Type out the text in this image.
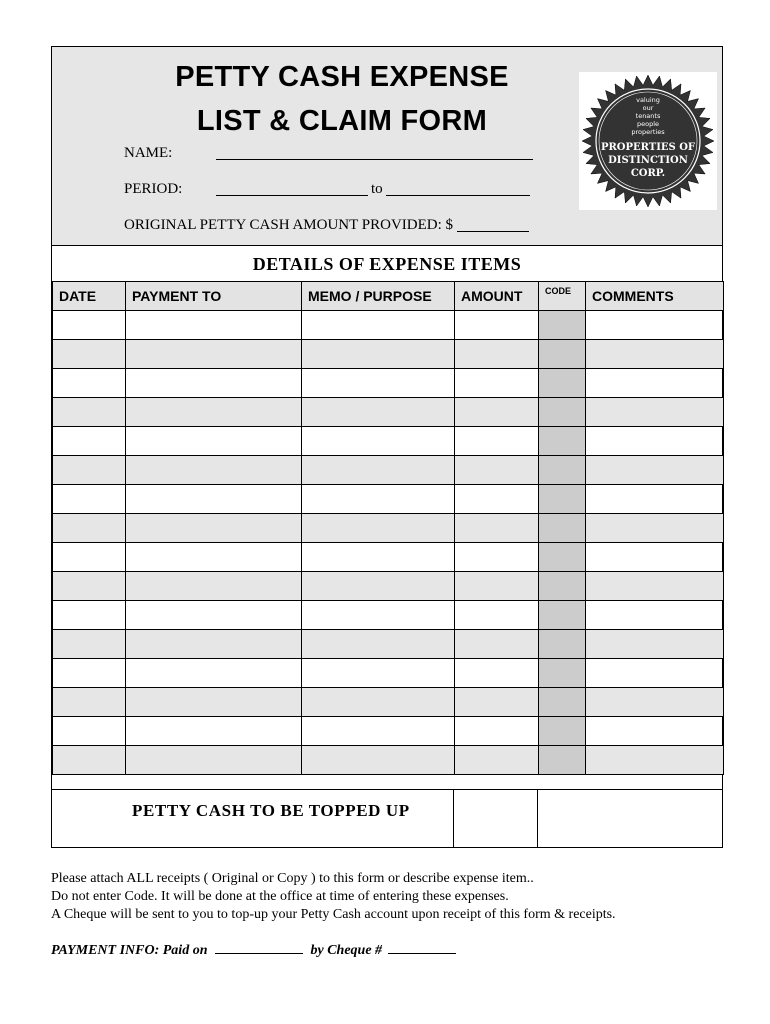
PETTY CASH EXPENSE
LIST & CLAIM FORM
NAME:
PERIOD:	to
ORIGINAL PETTY CASH AMOUNT PROVIDED: $
valuing
our
tenants
people
properties
PROPERTIES OF
DISTINCTION
CORP.
DETAILS OF EXPENSE ITEMS
DATE	PAYMENT TO	MEMO / PURPOSE	AMOUNT	CODE	COMMENTS

PETTY CASH TO BE TOPPED UP
Please attach ALL receipts ( Original or Copy ) to this form or describe expense item..
Do not enter Code. It will be done at the office at time of entering these expenses.
A Cheque will be sent to you to top-up your Petty Cash account upon receipt of this form & receipts.
PAYMENT INFO: Paid on	by Cheque #
